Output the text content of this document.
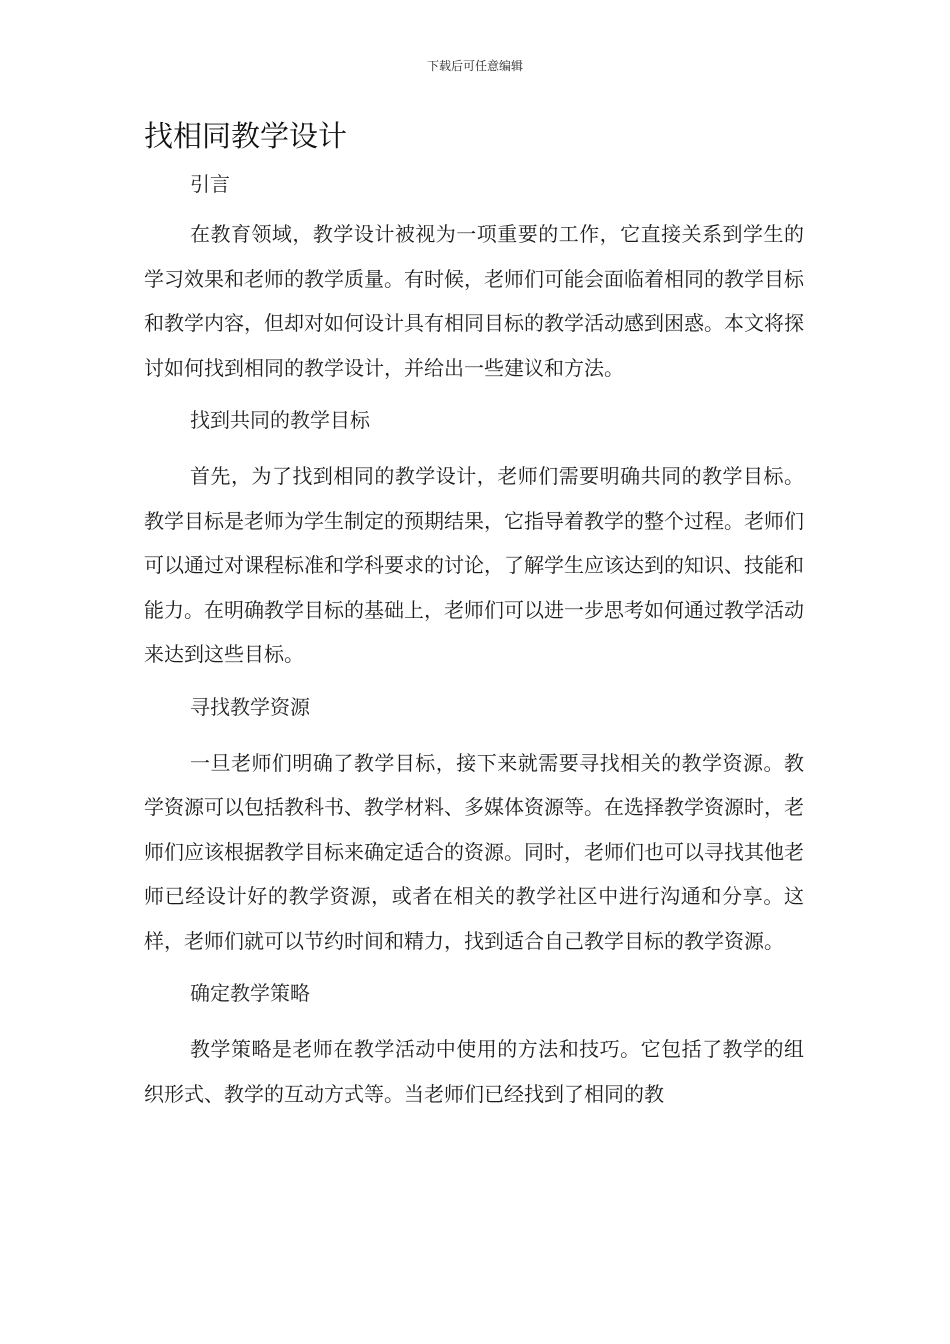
下载后可任意编辑
找相同教学设计

引言

在教育领域，教学设计被视为一项重要的工作，它直接关系到学生的学习效果和老师的教学质量。有时候，老师们可能会面临着相同的教学目标和教学内容，但却对如何设计具有相同目标的教学活动感到困惑。本文将探讨如何找到相同的教学设计，并给出一些建议和方法。

找到共同的教学目标

首先，为了找到相同的教学设计，老师们需要明确共同的教学目标。教学目标是老师为学生制定的预期结果，它指导着教学的整个过程。老师们可以通过对课程标准和学科要求的讨论，了解学生应该达到的知识、技能和能力。在明确教学目标的基础上，老师们可以进一步思考如何通过教学活动来达到这些目标。

寻找教学资源

一旦老师们明确了教学目标，接下来就需要寻找相关的教学资源。教学资源可以包括教科书、教学材料、多媒体资源等。在选择教学资源时，老师们应该根据教学目标来确定适合的资源。同时，老师们也可以寻找其他老师已经设计好的教学资源，或者在相关的教学社区中进行沟通和分享。这样，老师们就可以节约时间和精力，找到适合自己教学目标的教学资源。

确定教学策略

教学策略是老师在教学活动中使用的方法和技巧。它包括了教学的组织形式、教学的互动方式等。当老师们已经找到了相同的教
